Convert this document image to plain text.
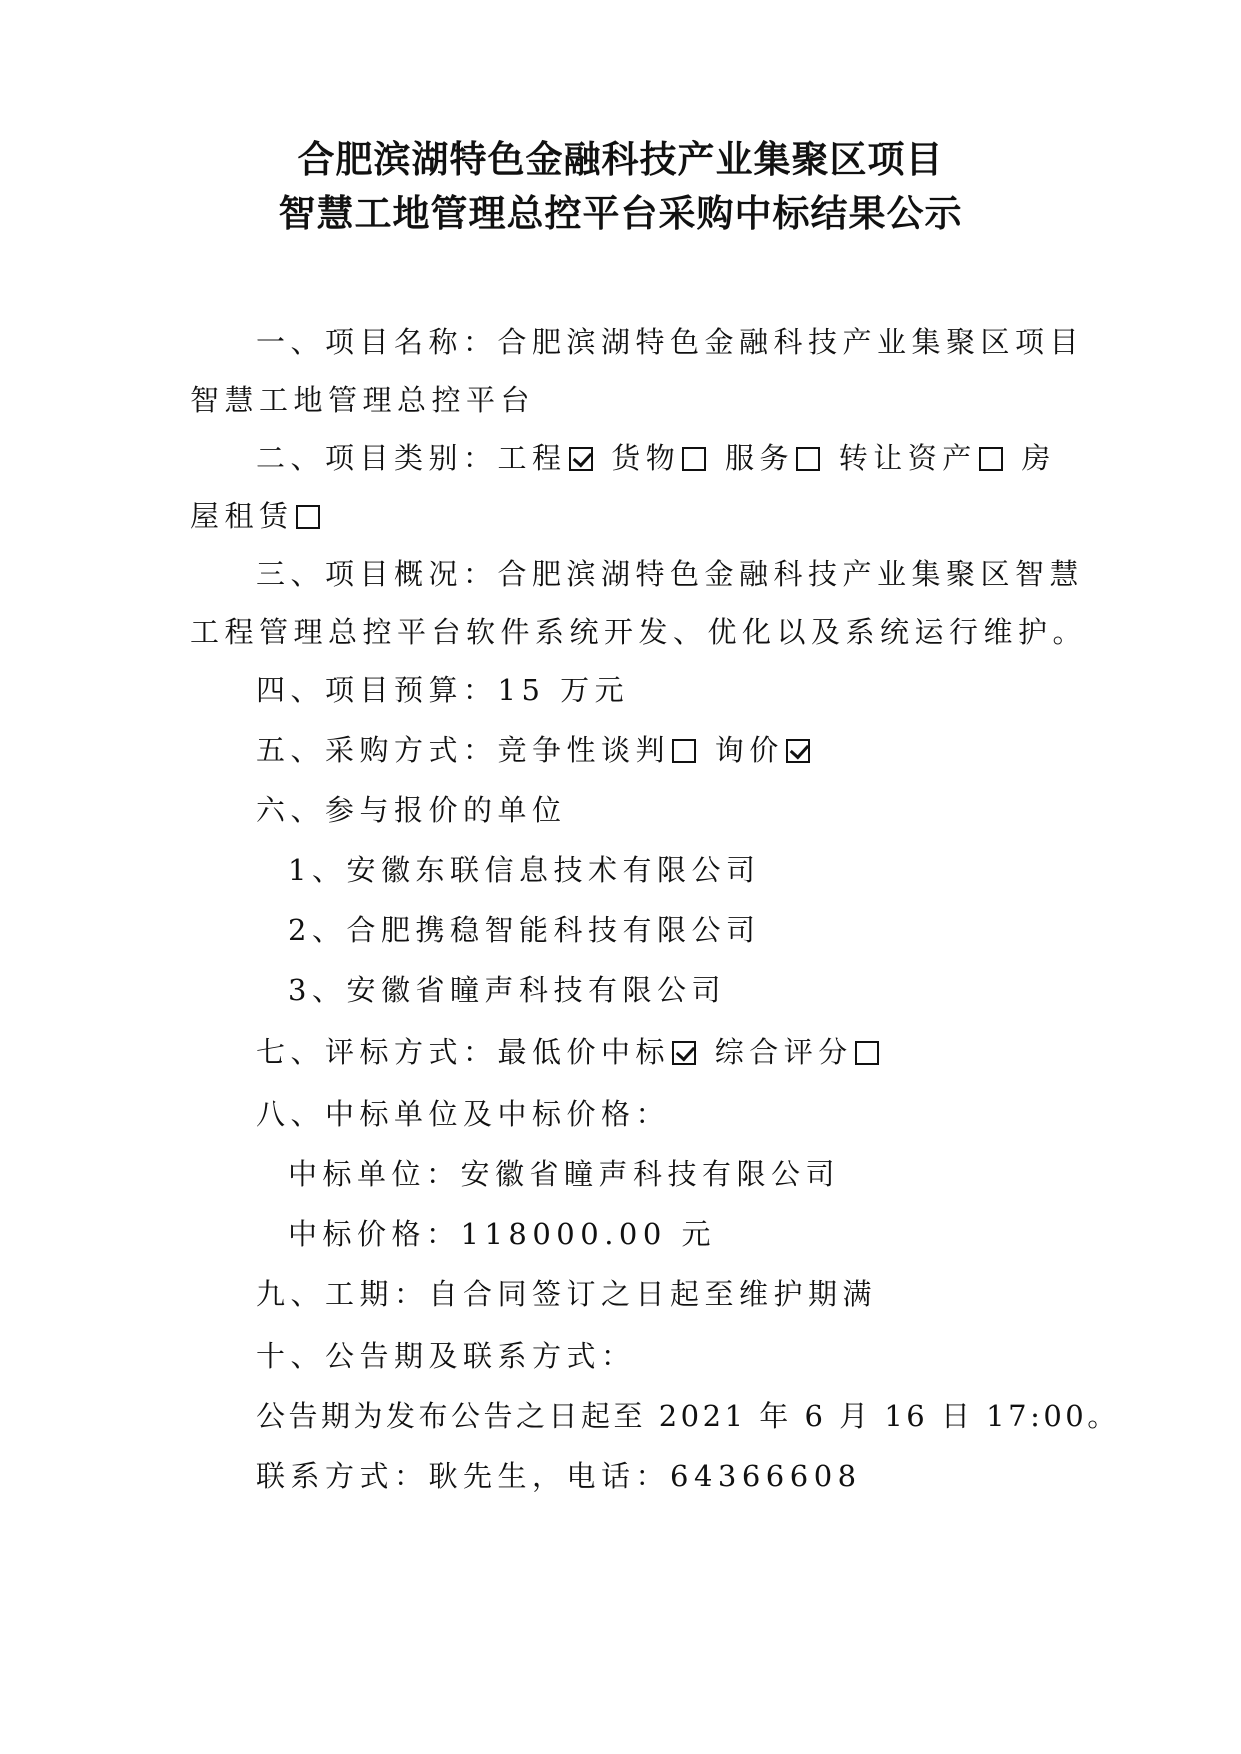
合肥滨湖特色金融科技产业集聚区项目
智慧工地管理总控平台采购中标结果公示

一、项目名称：合肥滨湖特色金融科技产业集聚区项目

智慧工地管理总控平台

二、项目类别：工程 货物 服务 转让资产 房

屋租赁

三、项目概况：合肥滨湖特色金融科技产业集聚区智慧

工程管理总控平台软件系统开发、优化以及系统运行维护。

四、项目预算：15 万元

五、采购方式：竞争性谈判 询价

六、参与报价的单位

1、安徽东联信息技术有限公司

2、合肥携稳智能科技有限公司

3、安徽省瞳声科技有限公司

七、评标方式：最低价中标 综合评分

八、中标单位及中标价格：

中标单位：安徽省瞳声科技有限公司

中标价格：118000.00 元

九、工期：自合同签订之日起至维护期满

十、公告期及联系方式：

公告期为发布公告之日起至 2021 年 6 月 16 日 17:00。

联系方式：耿先生，电话：64366608
